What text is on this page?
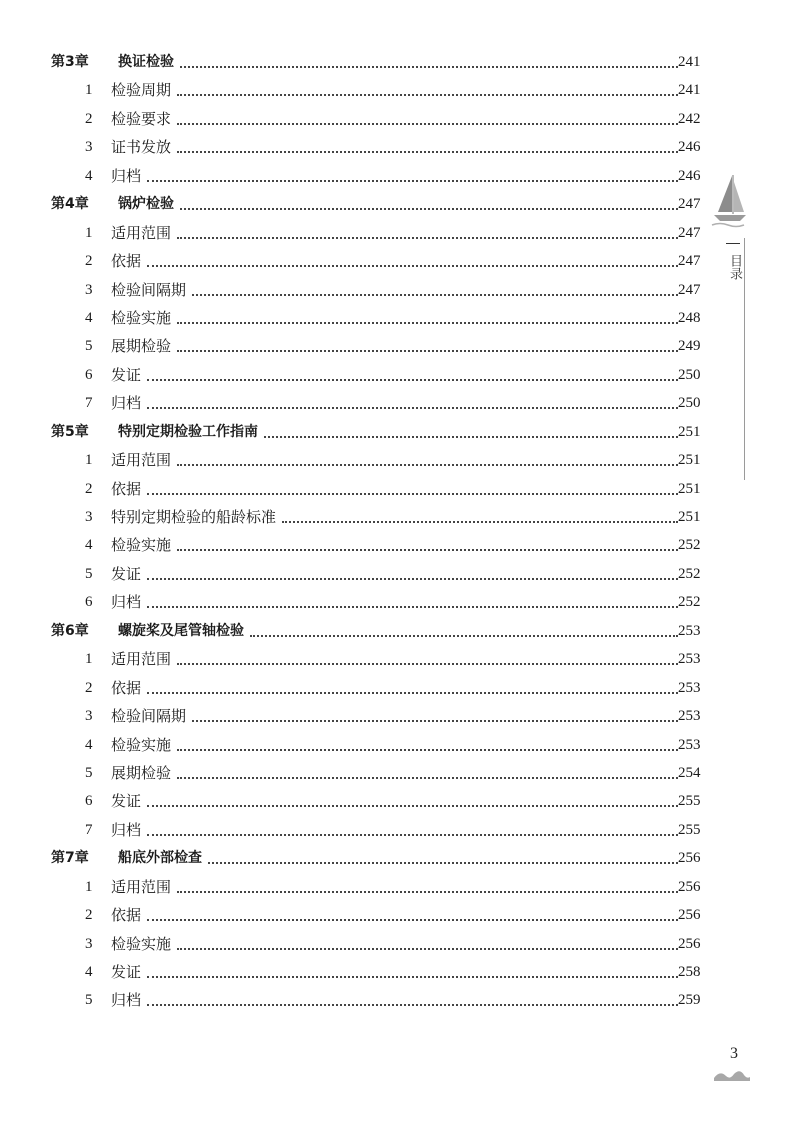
第3章 换证检验	241
1 检验周期	241
2 检验要求	242
3 证书发放	246
4 归档	246
第4章 锅炉检验	247
1 适用范围	247
2 依据	247
3 检验间隔期	247
4 检验实施	248
5 展期检验	249
6 发证	250
7 归档	250
第5章 特别定期检验工作指南	251
1 适用范围	251
2 依据	251
3 特别定期检验的船龄标准	251
4 检验实施	252
5 发证	252
6 归档	252
第6章 螺旋桨及尾管轴检验	253
1 适用范围	253
2 依据	253
3 检验间隔期	253
4 检验实施	253
5 展期检验	254
6 发证	255
7 归档	255
第7章 船底外部检查	256
1 适用范围	256
2 依据	256
3 检验实施	256
4 发证	258
5 归档	259
目录
3
